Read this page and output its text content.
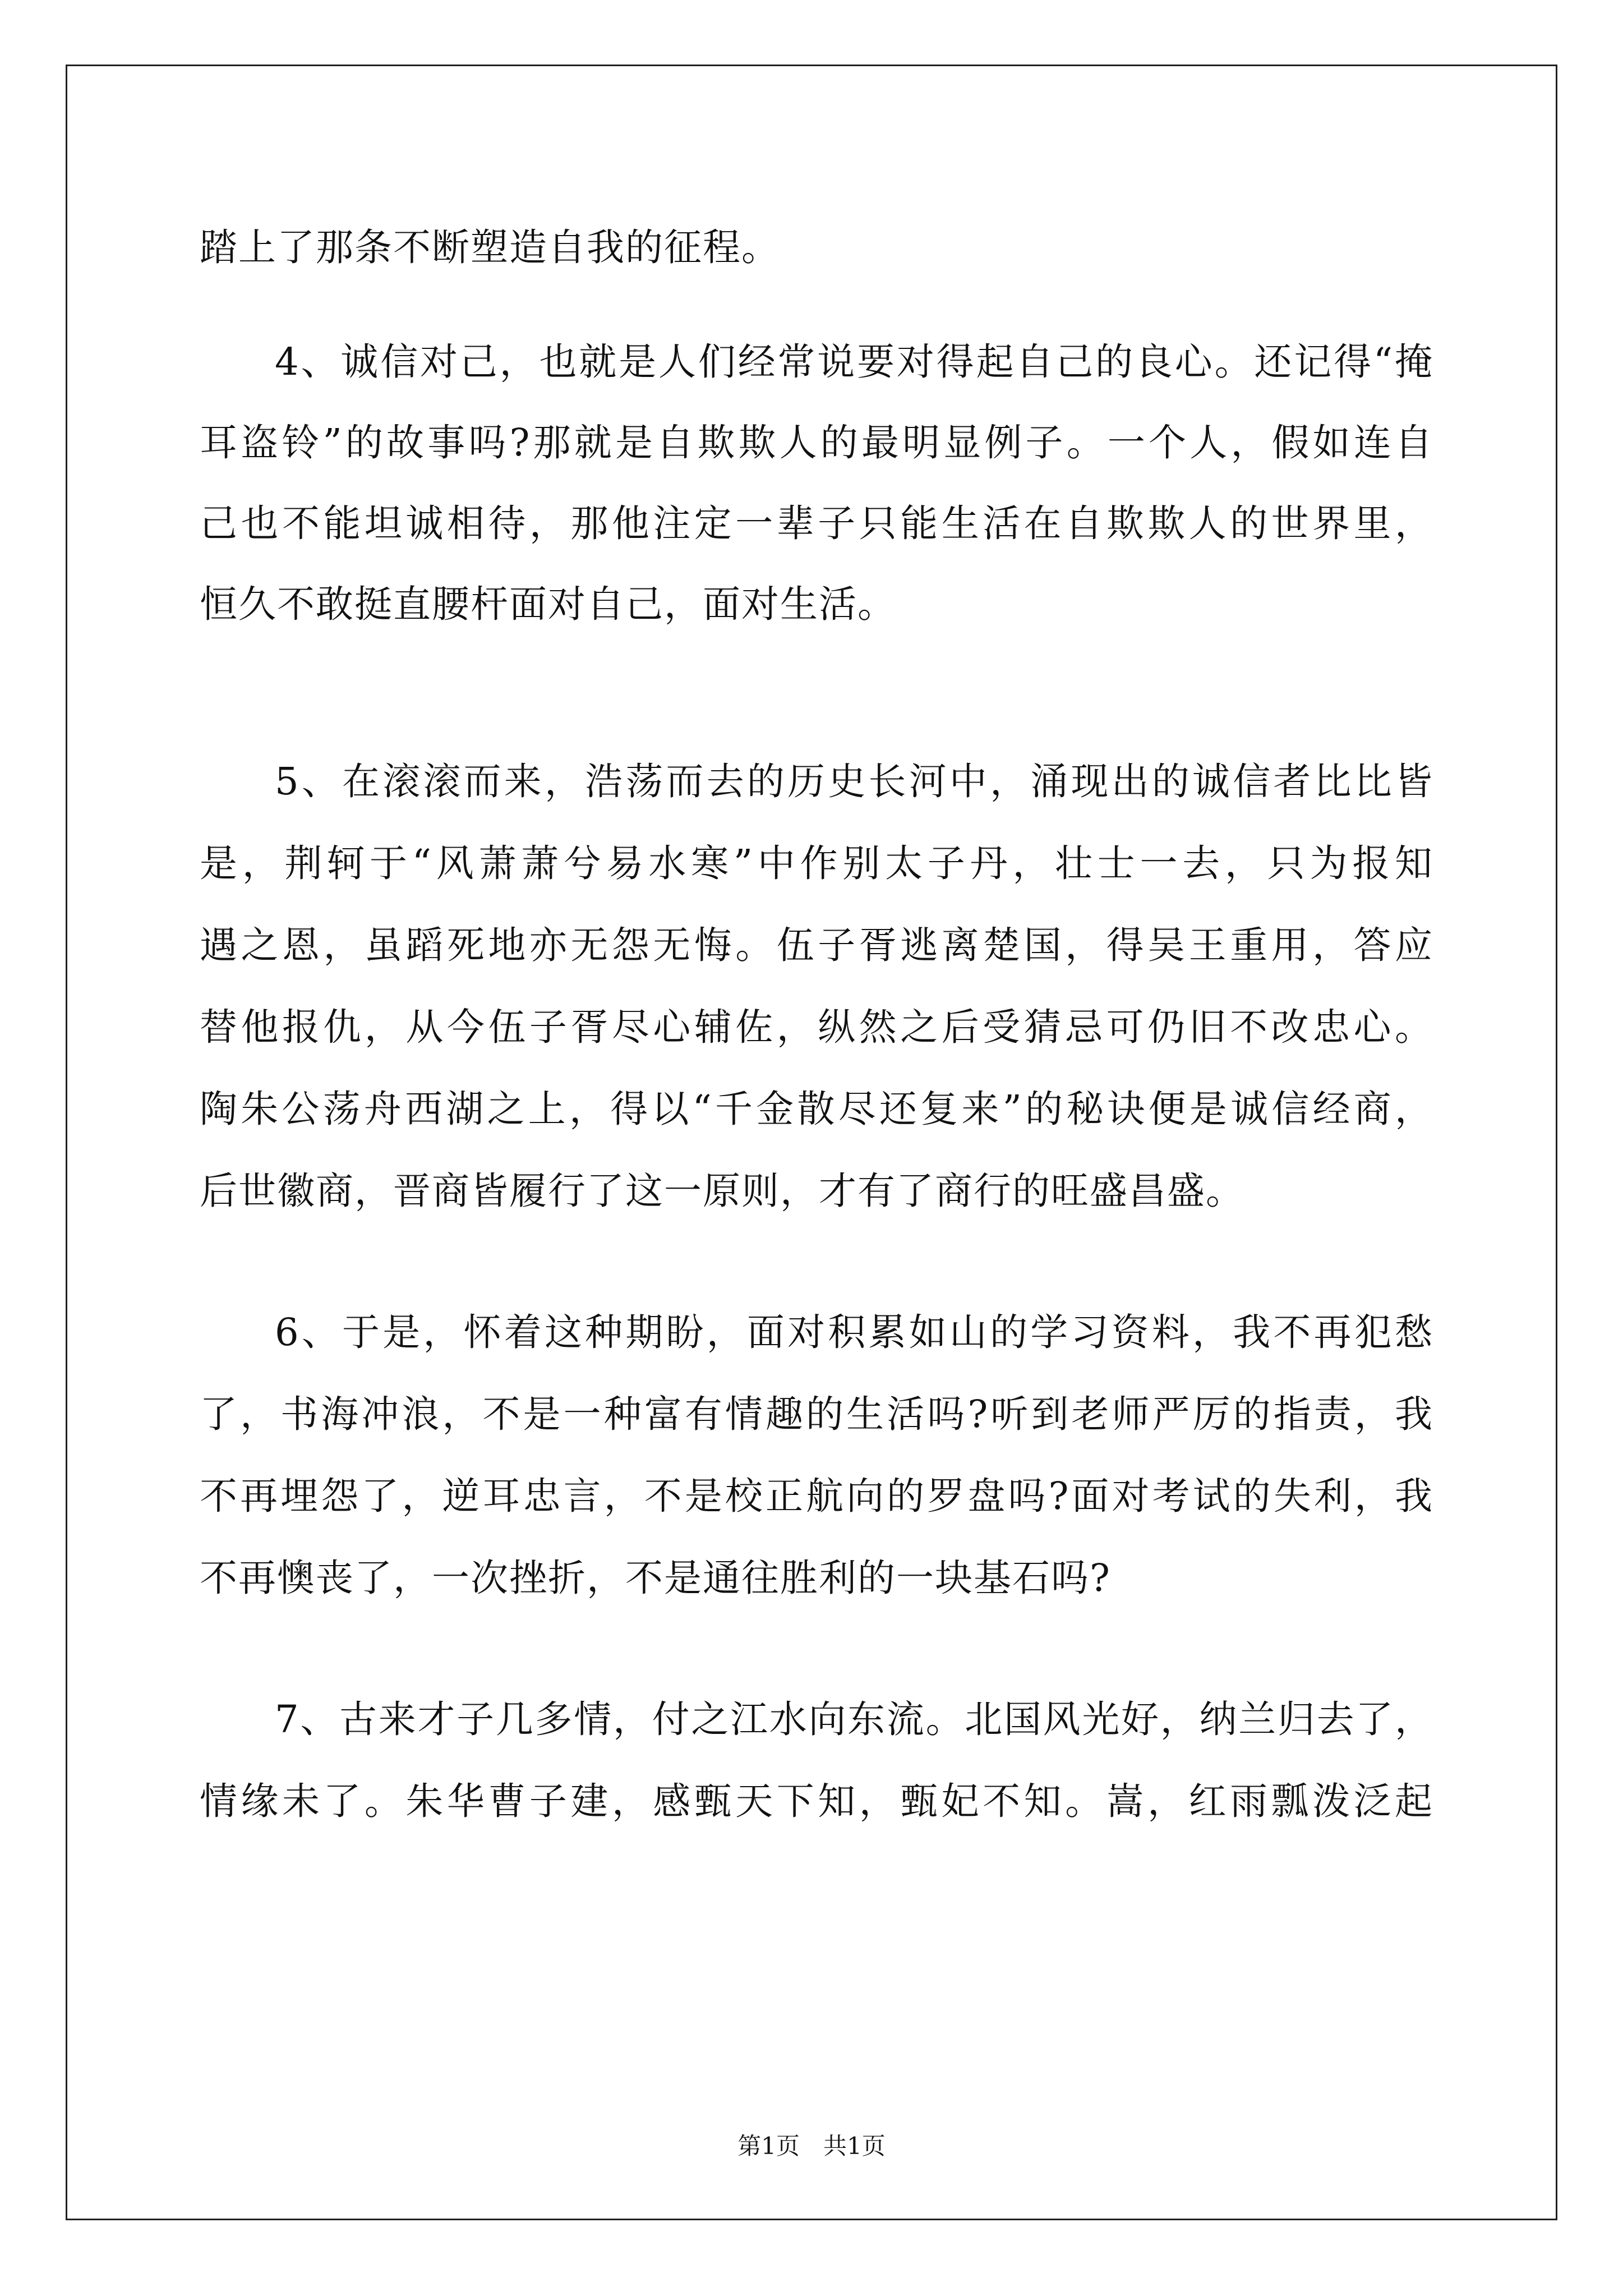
踏上了那条不断塑造自我的征程。
4、诚信对己，也就是人们经常说要对得起自己的良心。还记得“掩
耳盗铃”的故事吗?那就是自欺欺人的最明显例子。一个人，假如连自
己也不能坦诚相待，那他注定一辈子只能生活在自欺欺人的世界里，
恒久不敢挺直腰杆面对自己，面对生活。
5、在滚滚而来，浩荡而去的历史长河中，涌现出的诚信者比比皆
是，荆轲于“风萧萧兮易水寒”中作别太子丹，壮士一去，只为报知
遇之恩，虽蹈死地亦无怨无悔。伍子胥逃离楚国，得吴王重用，答应
替他报仇，从今伍子胥尽心辅佐，纵然之后受猜忌可仍旧不改忠心。
陶朱公荡舟西湖之上，得以“千金散尽还复来”的秘诀便是诚信经商，
后世徽商，晋商皆履行了这一原则，才有了商行的旺盛昌盛。
6、于是，怀着这种期盼，面对积累如山的学习资料，我不再犯愁
了，书海冲浪，不是一种富有情趣的生活吗?听到老师严厉的指责，我
不再埋怨了，逆耳忠言，不是校正航向的罗盘吗?面对考试的失利，我
不再懊丧了，一次挫折，不是通往胜利的一块基石吗?
7、古来才子几多情，付之江水向东流。北国风光好，纳兰归去了，
情缘未了。朱华曹子建，感甄天下知，甄妃不知。嵩，红雨瓢泼泛起
第1页　共1页
